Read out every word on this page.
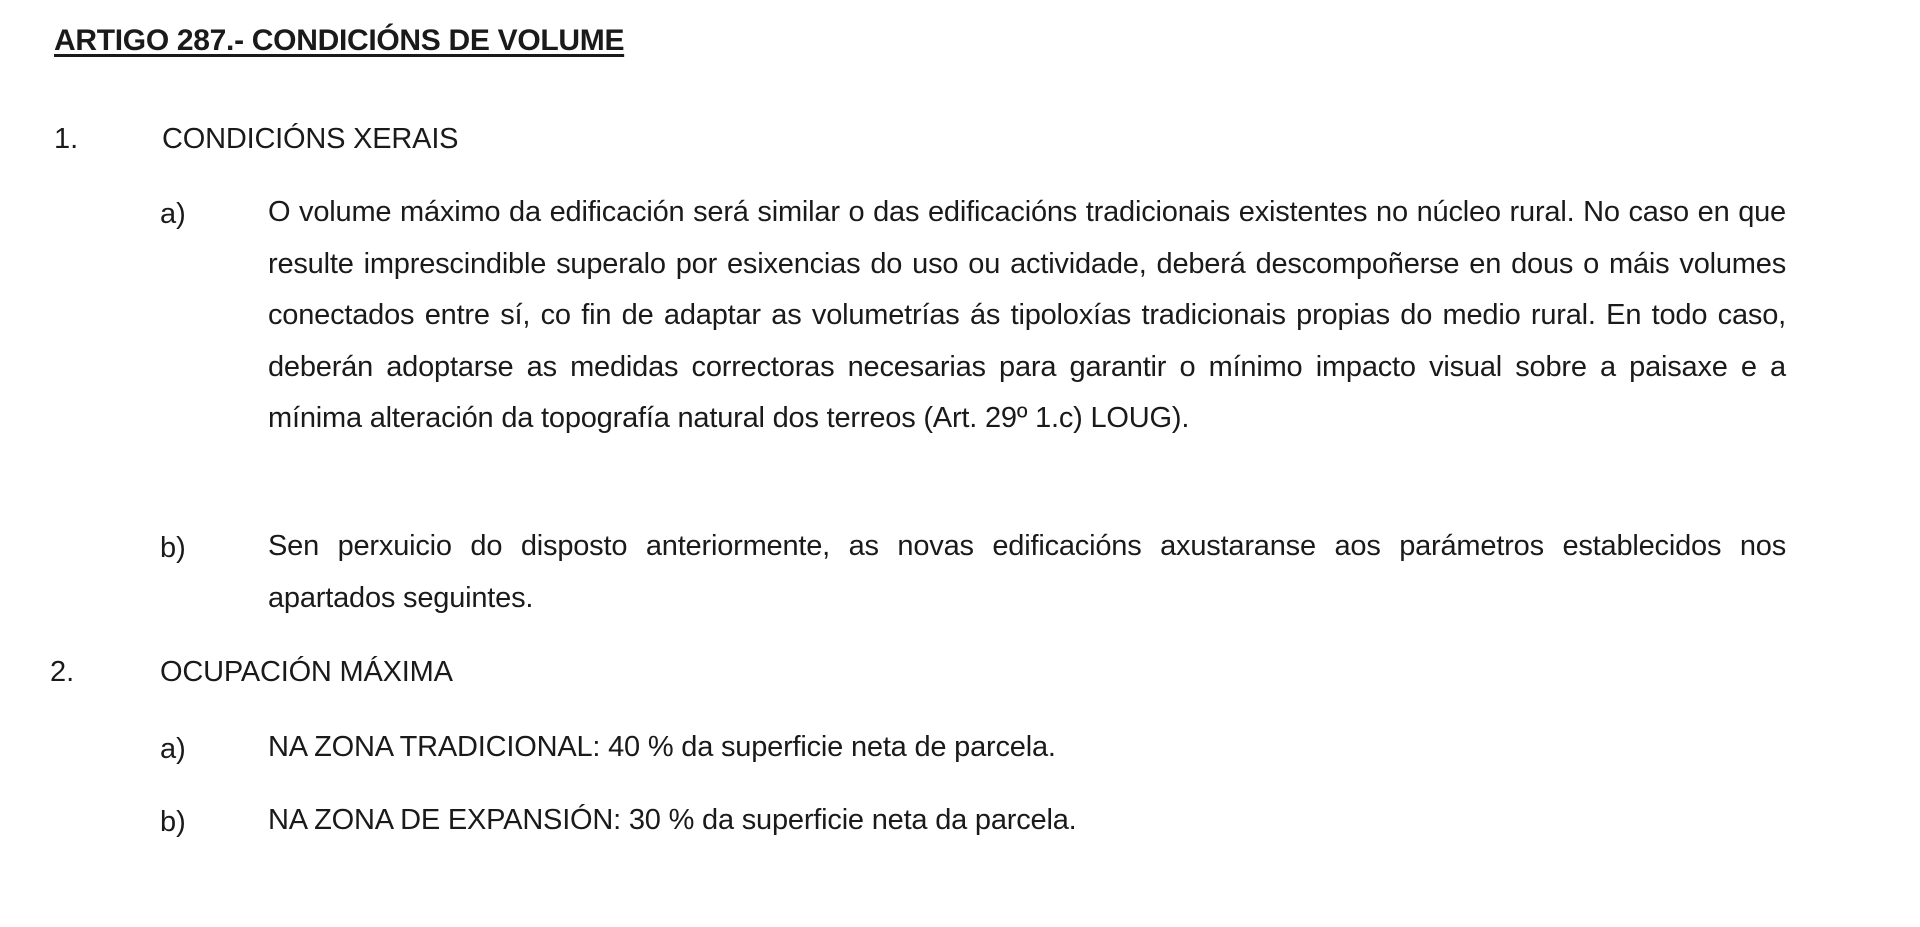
ARTIGO 287.- CONDICIÓNS DE VOLUME
1.	CONDICIÓNS XERAIS
a)	O volume máximo da edificación será similar o das edificacións tradicionais existentes no núcleo rural. No caso en que resulte imprescindible superalo por esixencias do uso ou actividade, deberá descompoñerse en dous o máis volumes conectados entre sí, co fin de adaptar as volumetrías ás tipoloxías tradicionais propias do medio rural. En todo caso, deberán adoptarse as medidas correctoras necesarias para garantir o mínimo impacto visual sobre a paisaxe e a mínima alteración da topografía natural dos terreos (Art. 29º 1.c) LOUG).

b)	Sen perxuicio do disposto anteriormente, as novas edificacións axustaranse aos parámetros establecidos nos apartados seguintes.

2.	OCUPACIÓN MÁXIMA
a)	NA ZONA TRADICIONAL: 40 % da superficie neta de parcela.

b)	NA ZONA DE EXPANSIÓN: 30 % da superficie neta da parcela.
